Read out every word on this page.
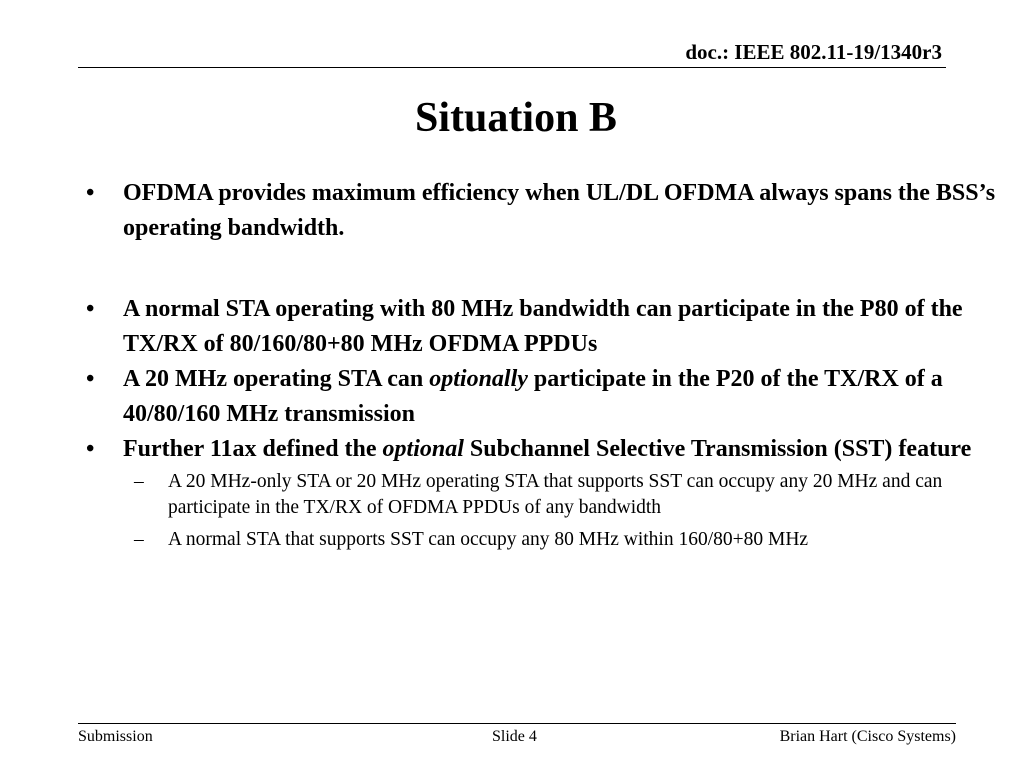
doc.: IEEE 802.11-19/1340r3
Situation B
• OFDMA provides maximum efficiency when UL/DL OFDMA always spans the BSS’s operating bandwidth.
• A normal STA operating with 80 MHz bandwidth can participate in the P80 of the TX/RX of 80/160/80+80 MHz OFDMA PPDUs
• A 20 MHz operating STA can optionally participate in the P20 of the TX/RX of a 40/80/160 MHz transmission
• Further 11ax defined the optional Subchannel Selective Transmission (SST) feature
– A 20 MHz-only STA or 20 MHz operating STA that supports SST can occupy any 20 MHz and can participate in the TX/RX of OFDMA PPDUs of any bandwidth
– A normal STA that supports SST can occupy any 80 MHz within 160/80+80 MHz
Submission	Slide 4	Brian Hart (Cisco Systems)
